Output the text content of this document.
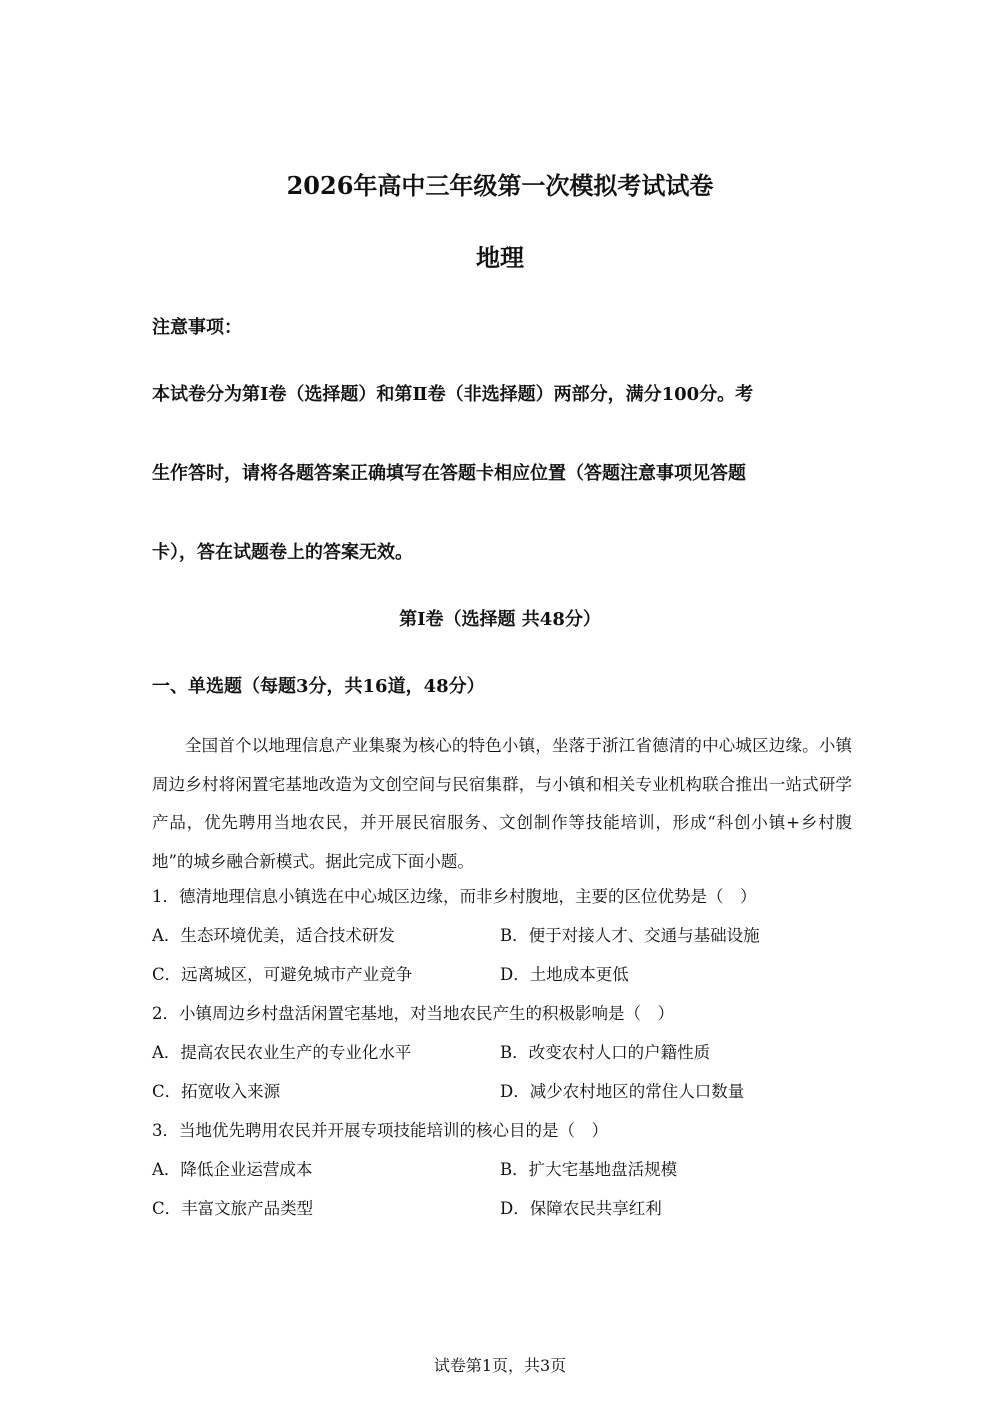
2026年高中三年级第一次模拟考试试卷
地理
注意事项：
本试卷分为第Ⅰ卷（选择题）和第Ⅱ卷（非选择题）两部分，满分100分。考
生作答时，请将各题答案正确填写在答题卡相应位置（答题注意事项见答题
卡），答在试题卷上的答案无效。
第Ⅰ卷（选择题 共48分）
一、单选题（每题3分，共16道，48分）
全国首个以地理信息产业集聚为核心的特色小镇，坐落于浙江省德清的中心城区边缘。小镇周边乡村将闲置宅基地改造为文创空间与民宿集群，与小镇和相关专业机构联合推出一站式研学产品，优先聘用当地农民，并开展民宿服务、文创制作等技能培训，形成“科创小镇+乡村腹地”的城乡融合新模式。据此完成下面小题。
1．德清地理信息小镇选在中心城区边缘，而非乡村腹地，主要的区位优势是（　）
A．生态环境优美，适合技术研发	B．便于对接人才、交通与基础设施
C．远离城区，可避免城市产业竞争	D．土地成本更低
2．小镇周边乡村盘活闲置宅基地，对当地农民产生的积极影响是（　）
A．提高农民农业生产的专业化水平	B．改变农村人口的户籍性质
C．拓宽收入来源	D．减少农村地区的常住人口数量
3．当地优先聘用农民并开展专项技能培训的核心目的是（　）
A．降低企业运营成本	B．扩大宅基地盘活规模
C．丰富文旅产品类型	D．保障农民共享红利
试卷第1页，共3页
